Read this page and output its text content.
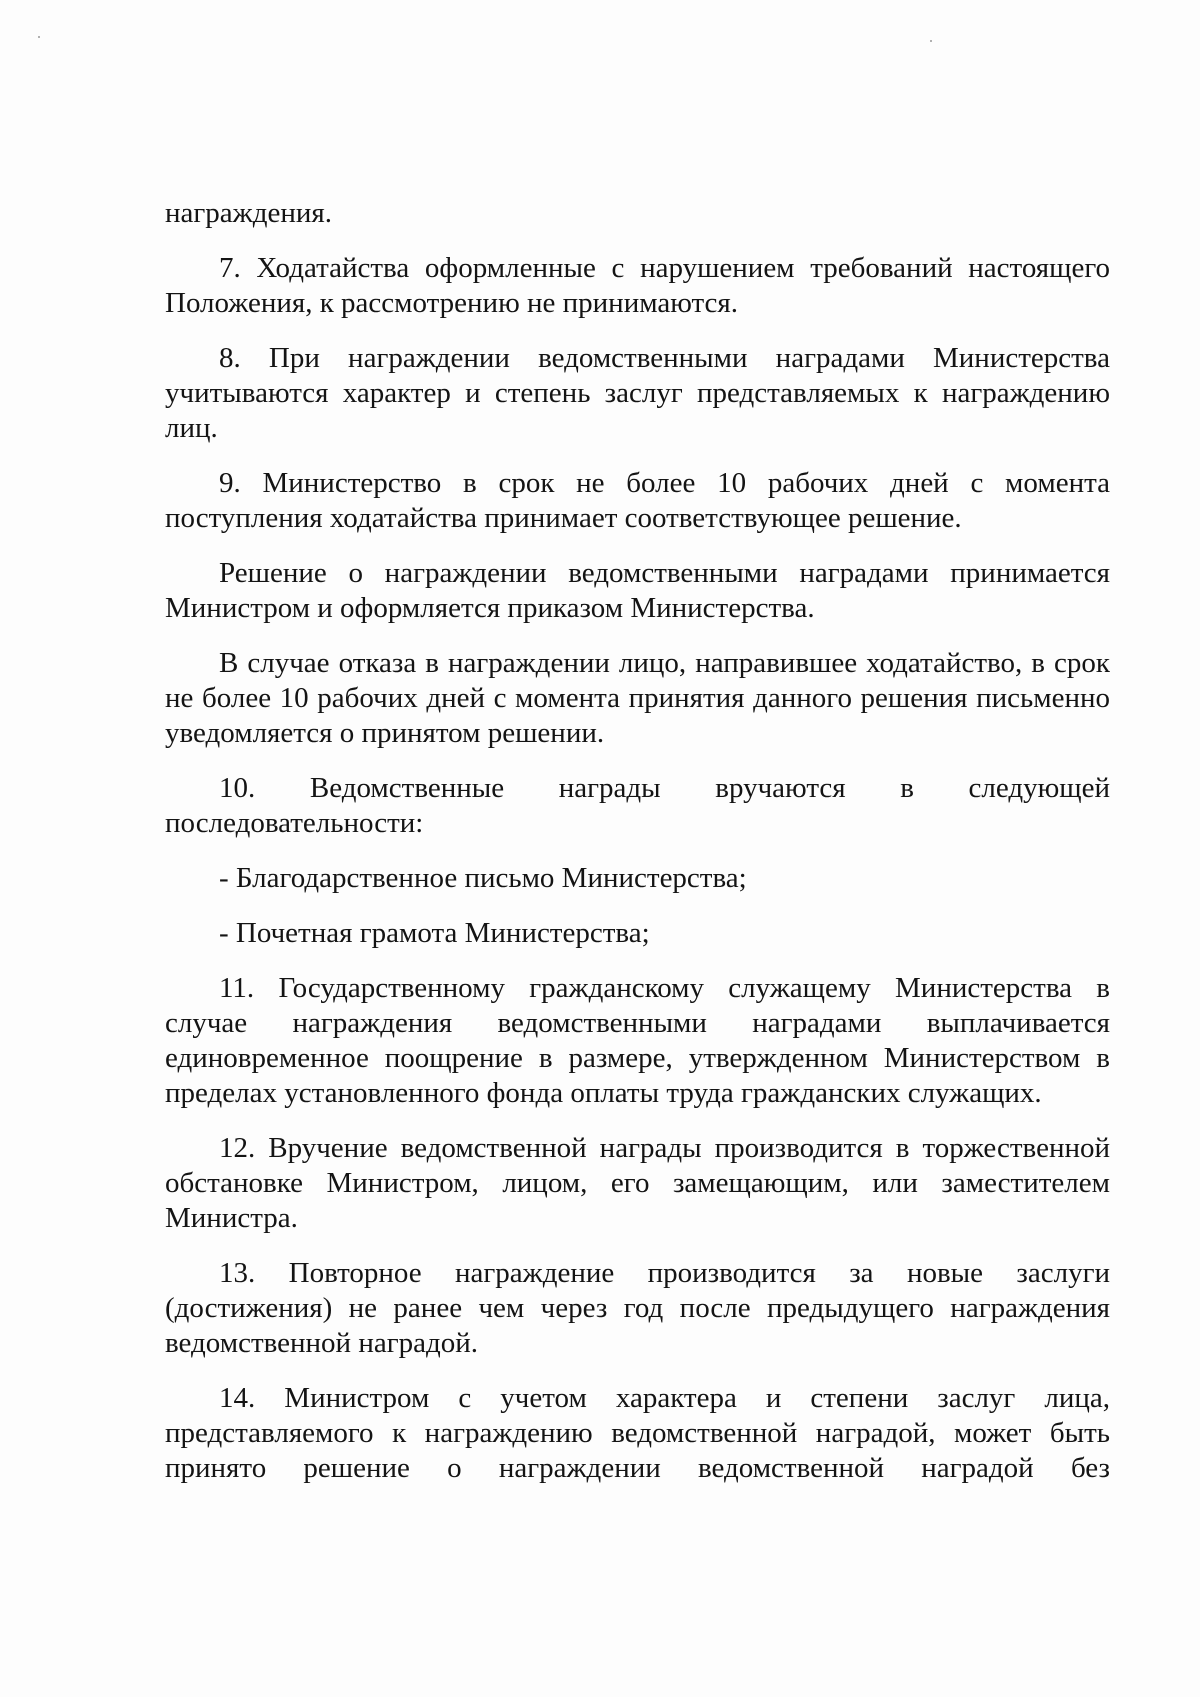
награждения.

7. Ходатайства оформленные с нарушением требований настоящего Положения, к рассмотрению не принимаются.

8. При награждении ведомственными наградами Министерства учитываются характер и степень заслуг представляемых к награждению лиц.

9. Министерство в срок не более 10 рабочих дней с момента поступления ходатайства принимает соответствующее решение.

Решение о награждении ведомственными наградами принимается Министром и оформляется приказом Министерства.

В случае отказа в награждении лицо, направившее ходатайство, в срок не более 10 рабочих дней с момента принятия данного решения письменно уведомляется о принятом решении.

10. Ведомственные награды вручаются в следующей последовательности:

- Благодарственное письмо Министерства;

- Почетная грамота Министерства;

11. Государственному гражданскому служащему Министерства в случае награждения ведомственными наградами выплачивается единовременное поощрение в размере, утвержденном Министерством в пределах установленного фонда оплаты труда гражданских служащих.

12. Вручение ведомственной награды производится в торжественной обстановке Министром, лицом, его замещающим, или заместителем Министра.

13. Повторное награждение производится за новые заслуги (достижения) не ранее чем через год после предыдущего награждения ведомственной наградой.

14. Министром с учетом характера и степени заслуг лица, представляемого к награждению ведомственной наградой, может быть принято решение о награждении ведомственной наградой без
